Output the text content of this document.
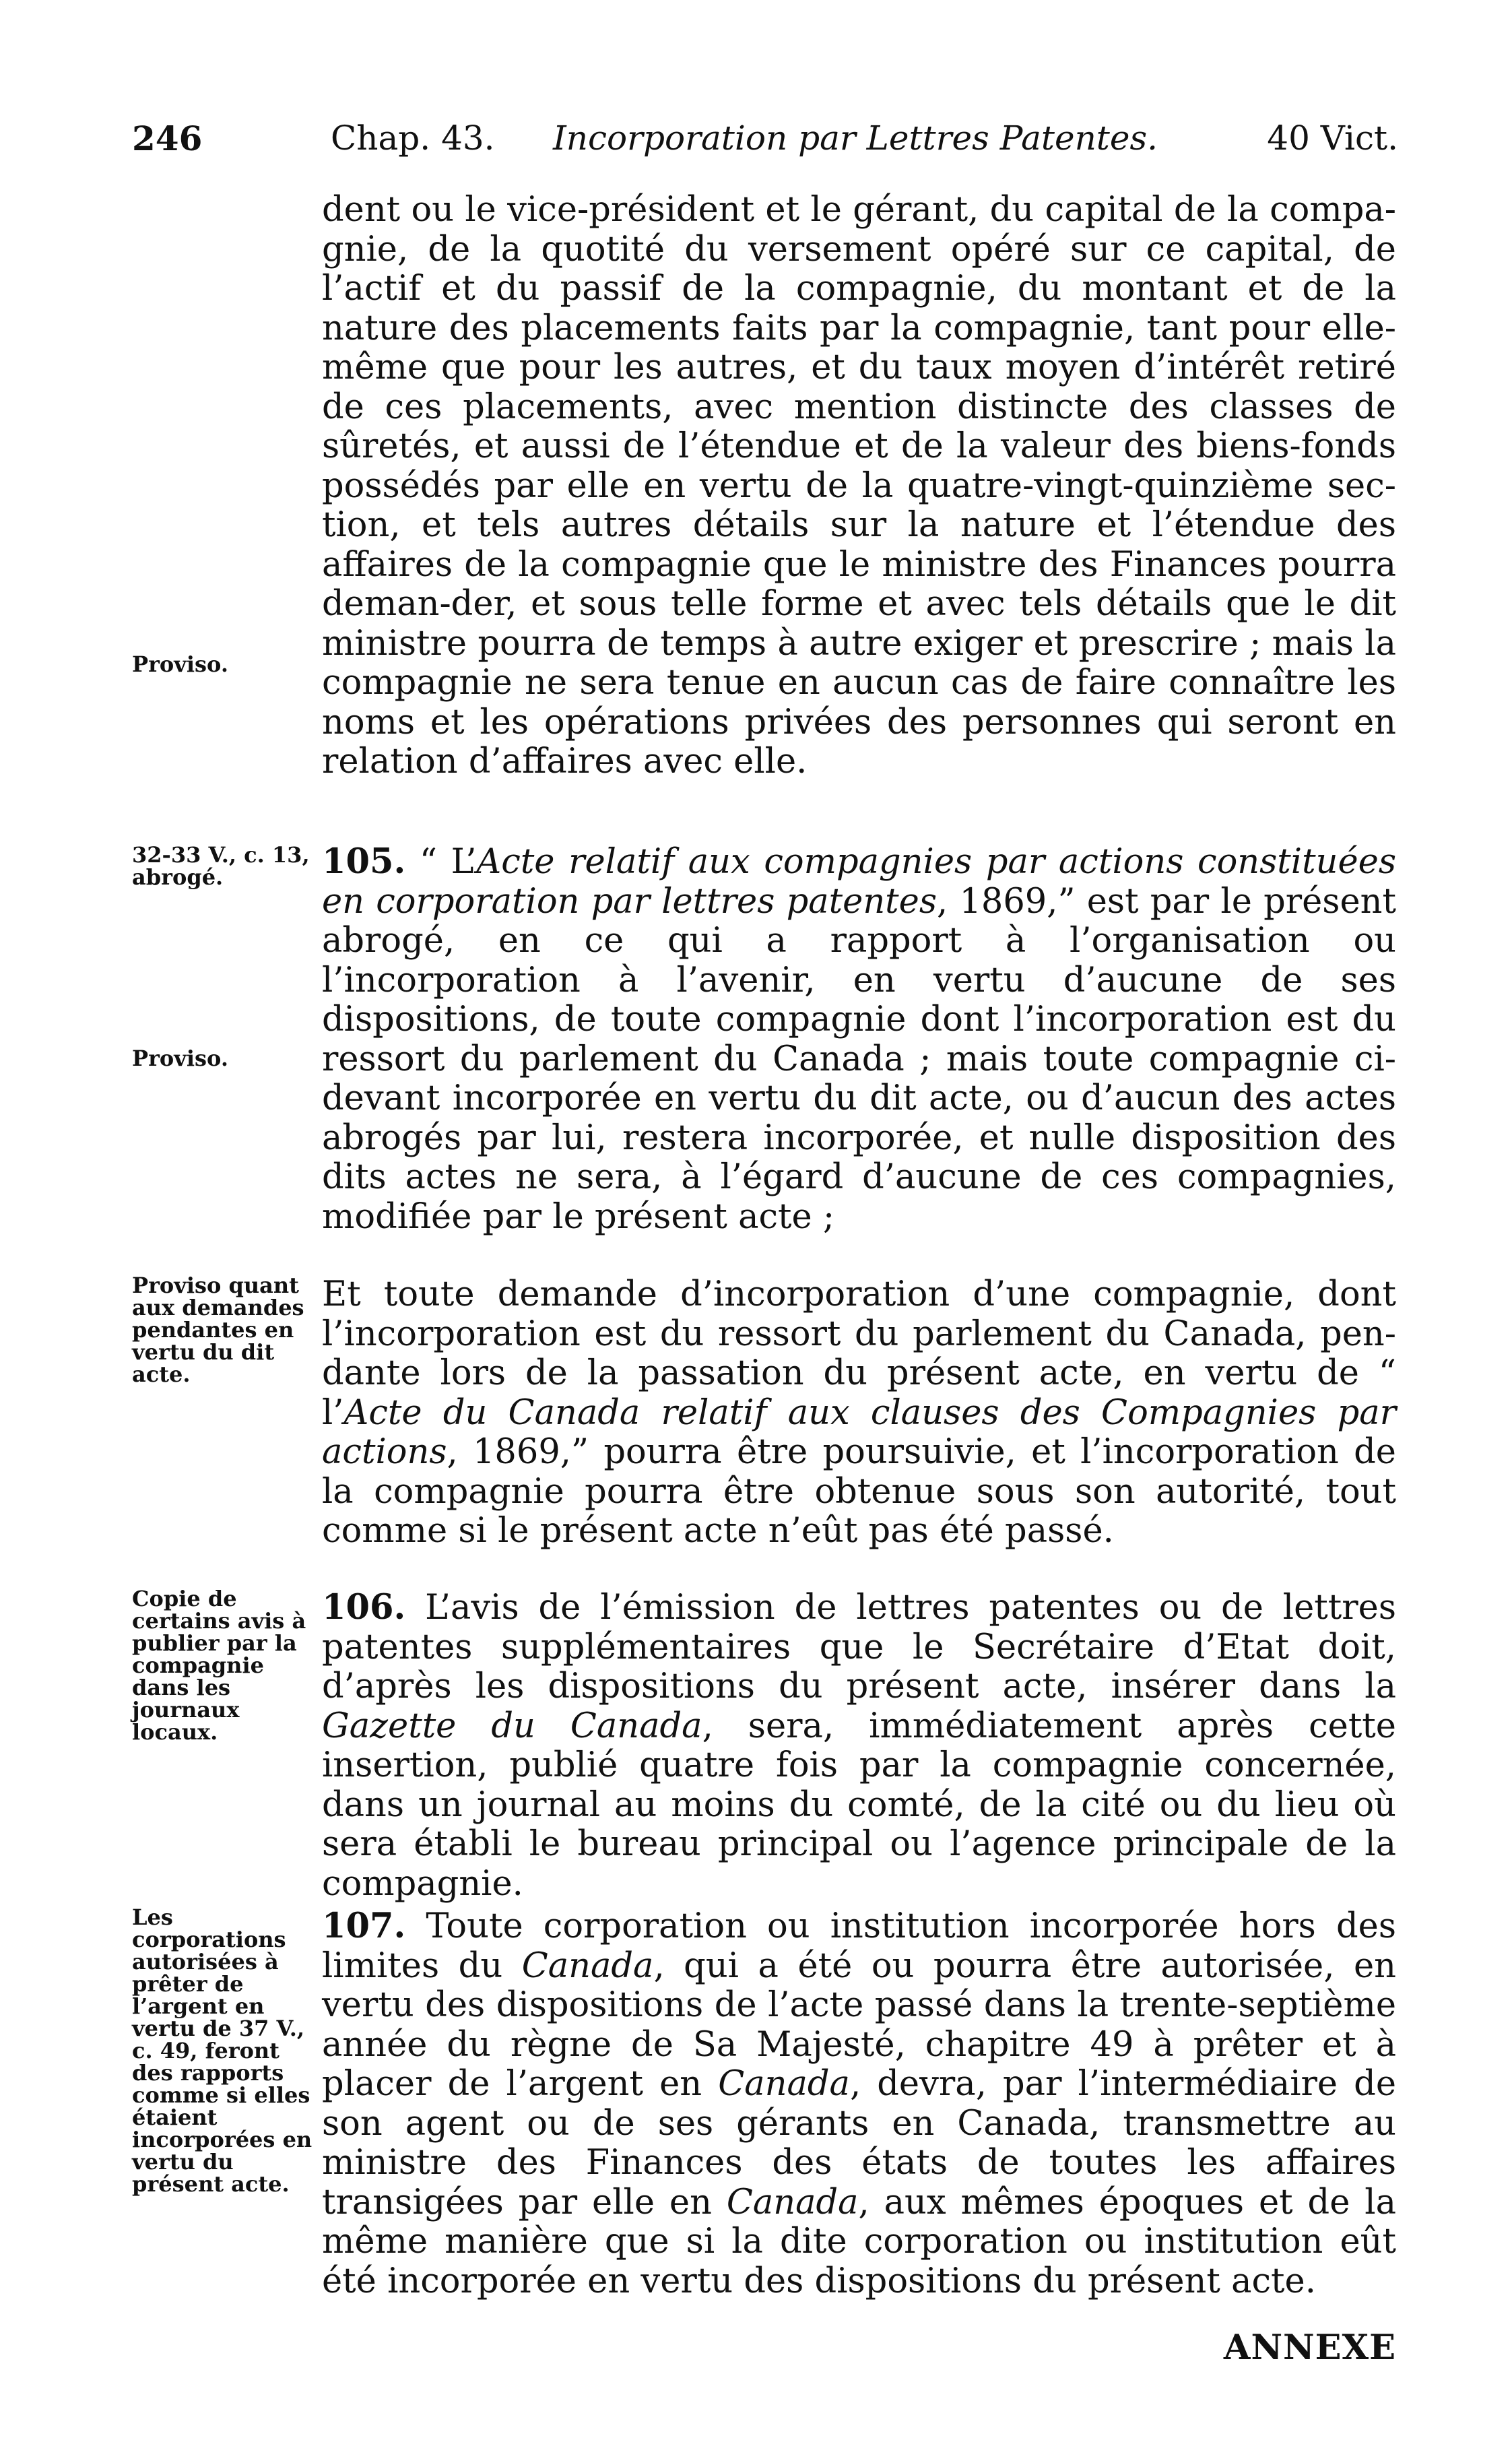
246	Chap. 43. Incorporation par Lettres Patentes.	40 Vict.
Proviso.
32-33 V., c. 13, abrogé.
Proviso.
Proviso quant aux demandes pendantes en vertu du dit acte.
Copie de certains avis à publier par la compagnie dans les journaux locaux.
Les corporations autorisées à prêter de l’argent en vertu de 37 V., c. 49, feront des rapports comme si elles étaient incorporées en vertu du présent acte.
dent ou le vice-président et le gérant, du capital de la compa-gnie, de la quotité du versement opéré sur ce capital, de l’actif et du passif de la compagnie, du montant et de la nature des placements faits par la compagnie, tant pour elle-même que pour les autres, et du taux moyen d’intérêt retiré de ces placements, avec mention distincte des classes de sûretés, et aussi de l’étendue et de la valeur des biens-fonds possédés par elle en vertu de la quatre-vingt-quinzième sec-tion, et tels autres détails sur la nature et l’étendue des affaires de la compagnie que le ministre des Finances pourra deman-der, et sous telle forme et avec tels détails que le dit ministre pourra de temps à autre exiger et prescrire ; mais la compagnie ne sera tenue en aucun cas de faire connaître les noms et les opérations privées des personnes qui seront en relation d’affaires avec elle.
105. “ L’Acte relatif aux compagnies par actions constituées en corporation par lettres patentes, 1869,” est par le présent abrogé, en ce qui a rapport à l’organisation ou l’incorporation à l’avenir, en vertu d’aucune de ses dispositions, de toute compagnie dont l’incorporation est du ressort du parlement du Canada ; mais toute compagnie ci-devant incorporée en vertu du dit acte, ou d’aucun des actes abrogés par lui, restera incorporée, et nulle disposition des dits actes ne sera, à l’égard d’aucune de ces compagnies, modifiée par le présent acte ;
Et toute demande d’incorporation d’une compagnie, dont l’incorporation est du ressort du parlement du Canada, pen-dante lors de la passation du présent acte, en vertu de “ l’Acte du Canada relatif aux clauses des Compagnies par actions, 1869,” pourra être poursuivie, et l’incorporation de la compagnie pourra être obtenue sous son autorité, tout comme si le présent acte n’eût pas été passé.
106. L’avis de l’émission de lettres patentes ou de lettres patentes supplémentaires que le Secrétaire d’Etat doit, d’après les dispositions du présent acte, insérer dans la Gazette du Canada, sera, immédiatement après cette insertion, publié quatre fois par la compagnie concernée, dans un journal au moins du comté, de la cité ou du lieu où sera établi le bureau principal ou l’agence principale de la compagnie.
107. Toute corporation ou institution incorporée hors des limites du Canada, qui a été ou pourra être autorisée, en vertu des dispositions de l’acte passé dans la trente-septième année du règne de Sa Majesté, chapitre 49 à prêter et à placer de l’argent en Canada, devra, par l’intermédiaire de son agent ou de ses gérants en Canada, transmettre au ministre des Finances des états de toutes les affaires transigées par elle en Canada, aux mêmes époques et de la même manière que si la dite corporation ou institution eût été incorporée en vertu des dispositions du présent acte.
ANNEXE
